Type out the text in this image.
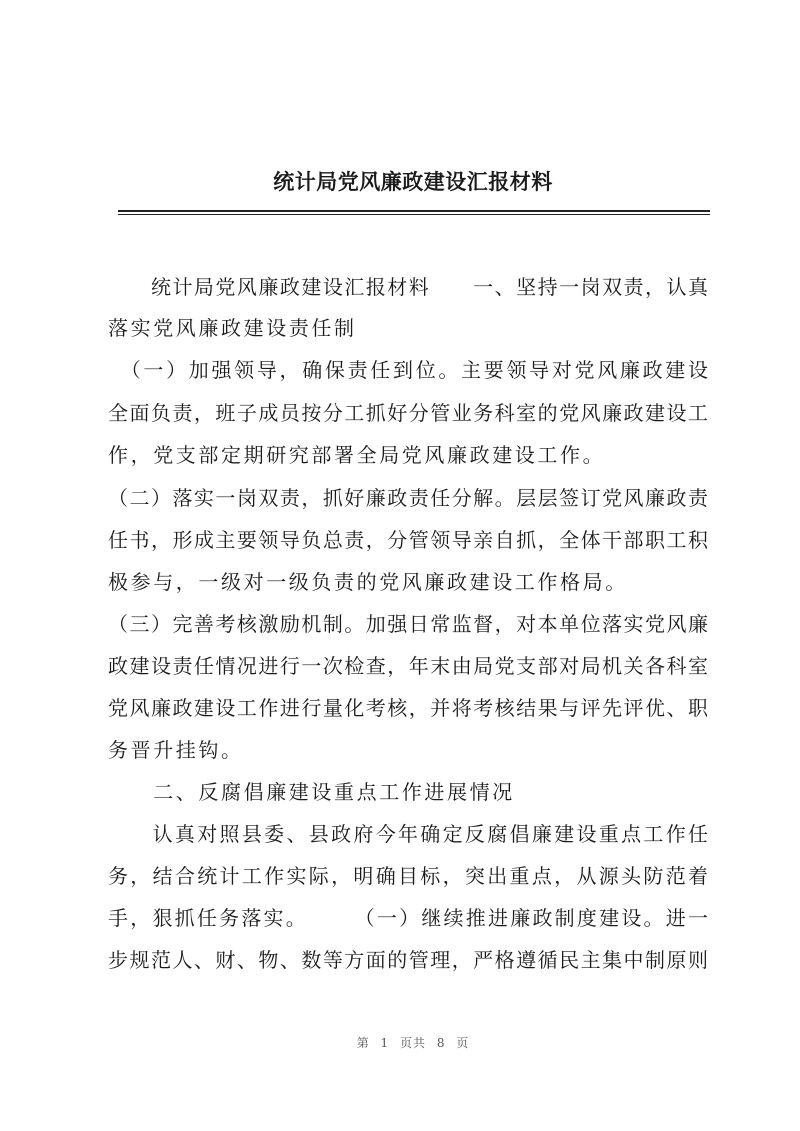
统计局党风廉政建设汇报材料
　　统计局党风廉政建设汇报材料　　一、坚持一岗双责，认真
落实党风廉政建设责任制
　（一）加强领导，确保责任到位。主要领导对党风廉政建设
全面负责，班子成员按分工抓好分管业务科室的党风廉政建设工
作，党支部定期研究部署全局党风廉政建设工作。
（二）落实一岗双责，抓好廉政责任分解。层层签订党风廉政责
任书，形成主要领导负总责，分管领导亲自抓，全体干部职工积
极参与，一级对一级负责的党风廉政建设工作格局。
（三）完善考核激励机制。加强日常监督，对本单位落实党风廉
政建设责任情况进行一次检查，年末由局党支部对局机关各科室
党风廉政建设工作进行量化考核，并将考核结果与评先评优、职
务晋升挂钩。
　　二、反腐倡廉建设重点工作进展情况
　　认真对照县委、县政府今年确定反腐倡廉建设重点工作任
务，结合统计工作实际，明确目标，突出重点，从源头防范着
手，狠抓任务落实。　　　（一）继续推进廉政制度建设。进一
步规范人、财、物、数等方面的管理，严格遵循民主集中制原则
第 1 页共 8 页
